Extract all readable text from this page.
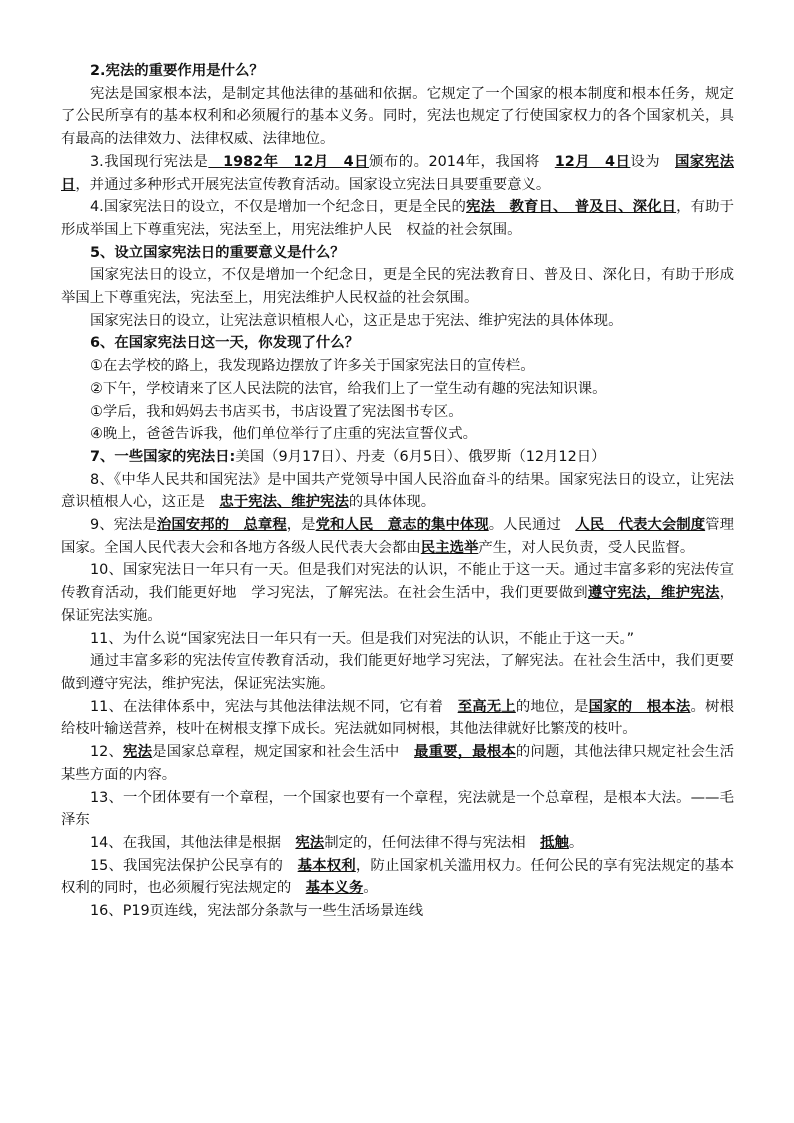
2.宪法的重要作用是什么？

宪法是国家根本法，是制定其他法律的基础和依据。它规定了一个国家的根本制度和根本任务，规定了公民所享有的基本权利和必须履行的基本义务。同时，宪法也规定了行使国家权力的各个国家机关，具有最高的法律效力、法律权威、法律地位。

3.我国现行宪法是　1982年　12月　4日颁布的。2014年，我国将　12月　4日设为　国家宪法日，并通过多种形式开展宪法宣传教育活动。国家设立宪法日具要重要意义。

4.国家宪法日的设立，不仅是增加一个纪念日，更是全民的宪法　教育日、　普及日、深化日，有助于形成举国上下尊重宪法，宪法至上，用宪法维护人民　权益的社会氛围。

5、设立国家宪法日的重要意义是什么？

国家宪法日的设立，不仅是增加一个纪念日，更是全民的宪法教育日、普及日、深化日，有助于形成举国上下尊重宪法，宪法至上，用宪法维护人民权益的社会氛围。

国家宪法日的设立，让宪法意识植根人心，这正是忠于宪法、维护宪法的具体体现。

6、在国家宪法日这一天，你发现了什么？

①在去学校的路上，我发现路边摆放了许多关于国家宪法日的宣传栏。

②下午，学校请来了区人民法院的法官，给我们上了一堂生动有趣的宪法知识课。

①学后，我和妈妈去书店买书，书店设置了宪法图书专区。

④晚上，爸爸告诉我，他们单位举行了庄重的宪法宣誓仪式。

7、一些国家的宪法日:美国（9月17日）、丹麦（6月5日）、俄罗斯（12月12日）

8、《中华人民共和国宪法》是中国共产党领导中国人民浴血奋斗的结果。国家宪法日的设立，让宪法意识植根人心，这正是　忠于宪法、维护宪法的具体体现。

9、宪法是治国安邦的　总章程，是党和人民　意志的集中体现。人民通过　人民　代表大会制度管理国家。全国人民代表大会和各地方各级人民代表大会都由民主选举产生，对人民负责，受人民监督。

10、国家宪法日一年只有一天。但是我们对宪法的认识，不能止于这一天。通过丰富多彩的宪法传宣传教育活动，我们能更好地　学习宪法，了解宪法。在社会生活中，我们更要做到遵守宪法，维护宪法，保证宪法实施。

11、为什么说“国家宪法日一年只有一天。但是我们对宪法的认识，不能止于这一天。”

通过丰富多彩的宪法传宣传教育活动，我们能更好地学习宪法，了解宪法。在社会生活中，我们更要做到遵守宪法，维护宪法，保证宪法实施。

11、在法律体系中，宪法与其他法律法规不同，它有着　至高无上的地位，是国家的　根本法。树根给枝叶输送营养，枝叶在树根支撑下成长。宪法就如同树根，其他法律就好比繁茂的枝叶。

12、宪法是国家总章程，规定国家和社会生活中　最重要，最根本的问题，其他法律只规定社会生活　某些方面的内容。

13、一个团体要有一个章程，一个国家也要有一个章程，宪法就是一个总章程，是根本大法。——毛泽东

14、在我国，其他法律是根据　宪法制定的，任何法律不得与宪法相　抵触。

15、我国宪法保护公民享有的　基本权利，防止国家机关滥用权力。任何公民的享有宪法规定的基本权利的同时，也必须履行宪法规定的　基本义务。

16、P19页连线，宪法部分条款与一些生活场景连线
